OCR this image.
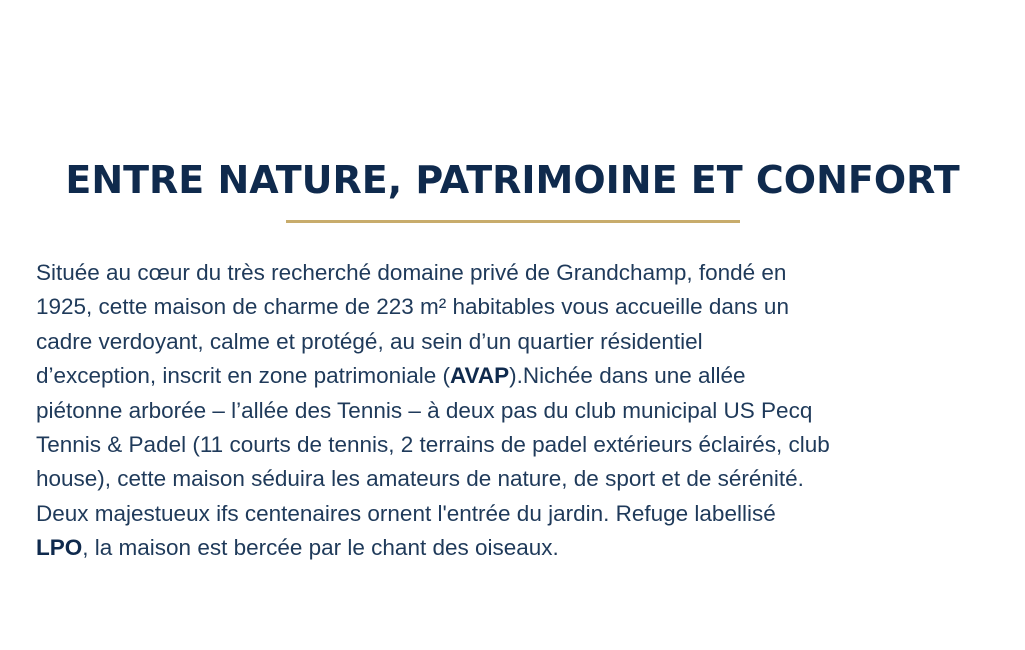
ENTRE NATURE, PATRIMOINE ET CONFORT
Située au cœur du très recherché domaine privé de Grandchamp, fondé en
1925, cette maison de charme de 223 m² habitables vous accueille dans un
cadre verdoyant, calme et protégé, au sein d’un quartier résidentiel
d’exception, inscrit en zone patrimoniale (AVAP).Nichée dans une allée
piétonne arborée – l’allée des Tennis – à deux pas du club municipal US Pecq
Tennis & Padel (11 courts de tennis, 2 terrains de padel extérieurs éclairés, club
house), cette maison séduira les amateurs de nature, de sport et de sérénité.
Deux majestueux ifs centenaires ornent l'entrée du jardin. Refuge labellisé
LPO, la maison est bercée par le chant des oiseaux.
